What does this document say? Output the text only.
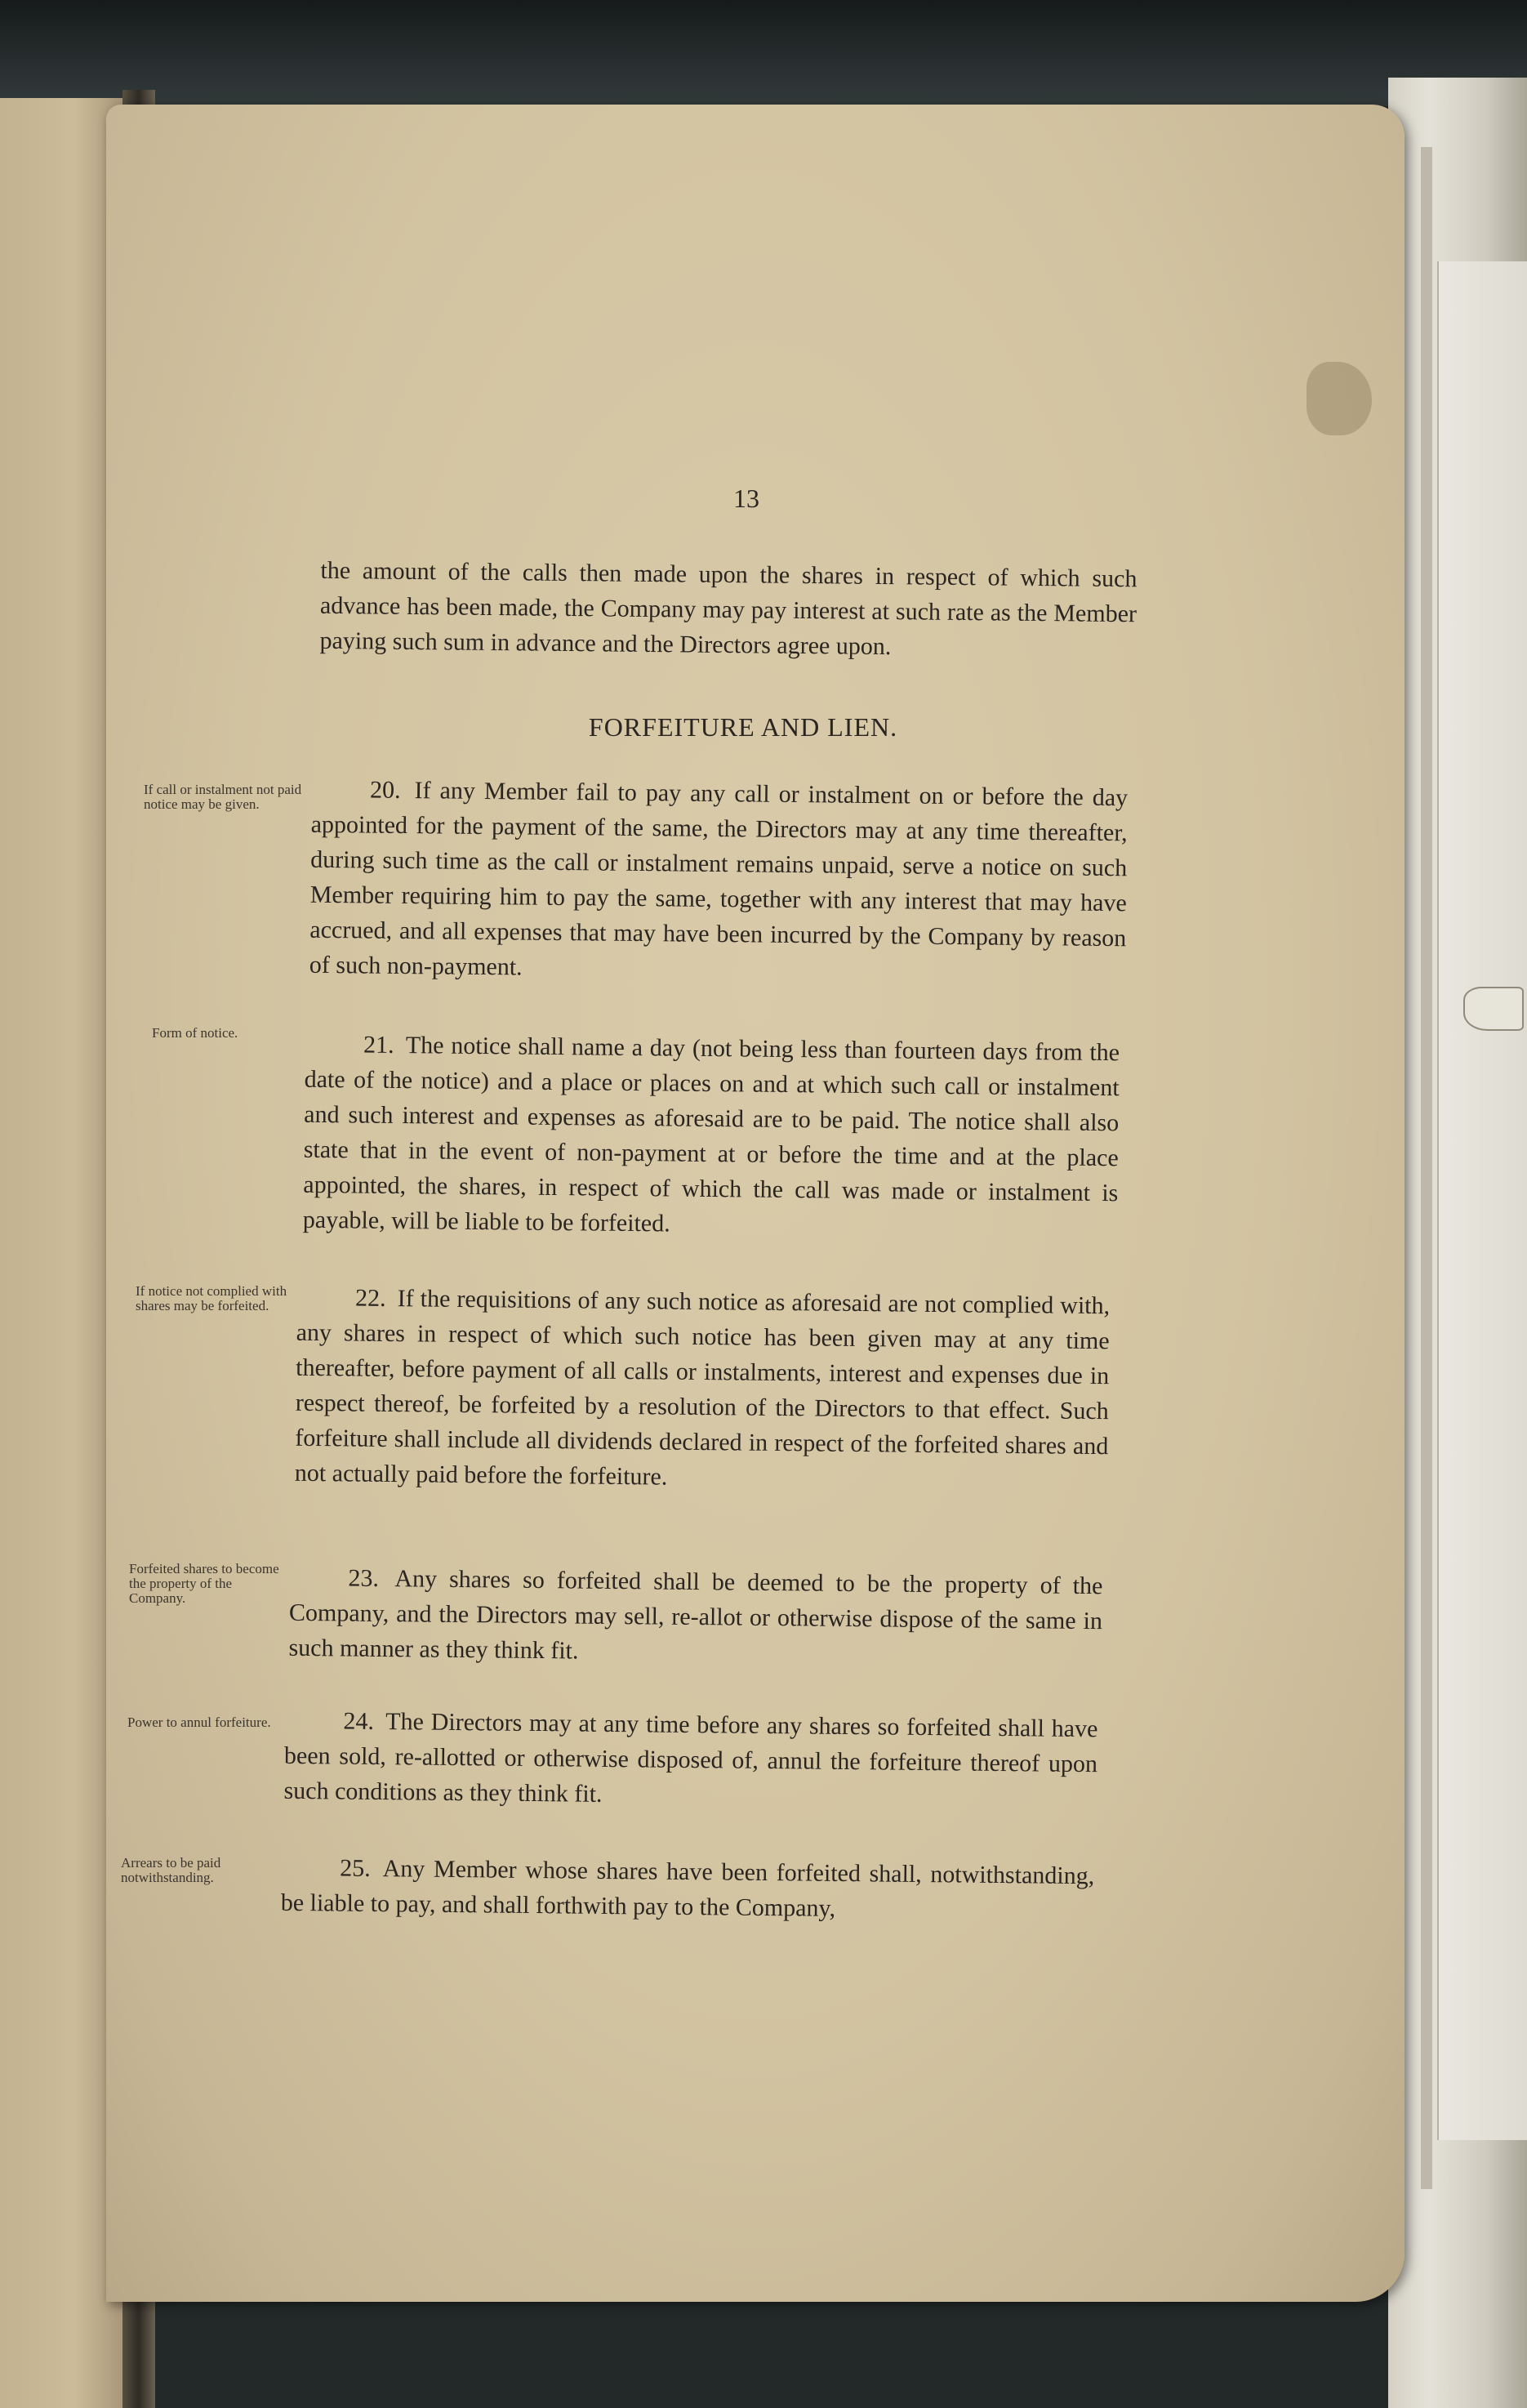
13
the amount of the calls then made upon the shares in respect of which such advance has been made, the Company may pay interest at such rate as the Member paying such sum in advance and the Directors agree upon.
FORFEITURE AND LIEN.
If call or instalment not paid notice may be given.
20. If any Member fail to pay any call or instalment on or before the day appointed for the payment of the same, the Directors may at any time thereafter, during such time as the call or instalment remains unpaid, serve a notice on such Member requiring him to pay the same, together with any interest that may have accrued, and all expenses that may have been incurred by the Company by reason of such non-payment.
Form of notice.	21. The notice shall name a day (not being less than fourteen days from the date of the notice) and a place or places on and at which such call or instalment and such interest and expenses as aforesaid are to be paid. The notice shall also state that in the event of non-payment at or before the time and at the place appointed, the shares, in respect of which the call was made or instalment is payable, will be liable to be forfeited.
If notice not complied with shares may be forfeited.	22. If the requisitions of any such notice as aforesaid are not complied with, any shares in respect of which such notice has been given may at any time thereafter, before payment of all calls or instalments, interest and expenses due in respect thereof, be forfeited by a resolution of the Directors to that effect. Such forfeiture shall include all dividends declared in respect of the forfeited shares and not actually paid before the forfeiture.
Forfeited shares to become the property of the Company.
23. Any shares so forfeited shall be deemed to be the property of the Company, and the Directors may sell, re-allot or otherwise dispose of the same in such manner as they think fit.
Power to annul forfeiture.	24. The Directors may at any time before any shares so forfeited shall have been sold, re-allotted or otherwise disposed of, annul the forfeiture thereof upon such conditions as they think fit.
Arrears to be paid notwithstanding.	25. Any Member whose shares have been forfeited shall, notwithstanding, be liable to pay, and shall forthwith pay to the Company,
